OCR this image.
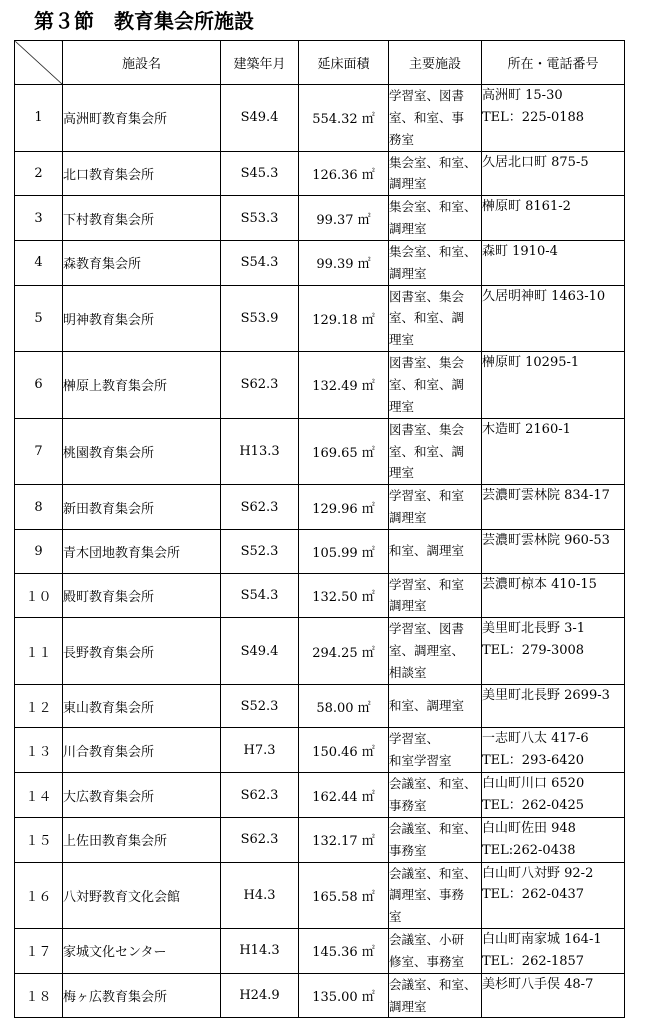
第３節　教育集会所施設
	施設名	建築年月	延床面積	主要施設	所在・電話番号
1	高洲町教育集会所	S49.4	554.32 ㎡	学習室、図書
室、和室、事
務室	高洲町 15-30
TEL：225-0188

2	北口教育集会所	S45.3	126.36 ㎡	集会室、和室、
調理室	久居北口町 875-5

3	下村教育集会所	S53.3	99.37 ㎡	集会室、和室、
調理室	榊原町 8161-2

4	森教育集会所	S54.3	99.39 ㎡	集会室、和室、
調理室	森町 1910-4

5	明神教育集会所	S53.9	129.18 ㎡	図書室、集会
室、和室、調
理室	久居明神町 1463-10

6	榊原上教育集会所	S62.3	132.49 ㎡	図書室、集会
室、和室、調
理室	榊原町 10295-1

7	桃園教育集会所	H13.3	169.65 ㎡	図書室、集会
室、和室、調
理室	木造町 2160-1

8	新田教育集会所	S62.3	129.96 ㎡	学習室、和室
調理室	芸濃町雲林院 834-17

9	青木団地教育集会所	S52.3	105.99 ㎡	和室、調理室	芸濃町雲林院 960-53

１０	殿町教育集会所	S54.3	132.50 ㎡	学習室、和室
調理室	芸濃町椋本 410-15

１１	長野教育集会所	S49.4	294.25 ㎡	学習室、図書
室、調理室、
相談室	美里町北長野 3-1
TEL：279-3008

１２	東山教育集会所	S52.3	58.00 ㎡	和室、調理室	美里町北長野 2699-3

１３	川合教育集会所	H7.3	150.46 ㎡	学習室、
和室学習室	一志町八太 417-6
TEL：293-6420

１４	大広教育集会所	S62.3	162.44 ㎡	会議室、和室、
事務室	白山町川口 6520
TEL：262-0425

１５	上佐田教育集会所	S62.3	132.17 ㎡	会議室、和室、
事務室	白山町佐田 948
TEL:262-0438

１６	八対野教育文化会館	H4.3	165.58 ㎡	会議室、和室、
調理室、事務
室	白山町八対野 92-2
TEL：262-0437

１７	家城文化センター	H14.3	145.36 ㎡	会議室、小研
修室、事務室	白山町南家城 164-1
TEL：262-1857

１８	梅ヶ広教育集会所	H24.9	135.00 ㎡	会議室、和室、
調理室	美杉町八手俣 48-7
